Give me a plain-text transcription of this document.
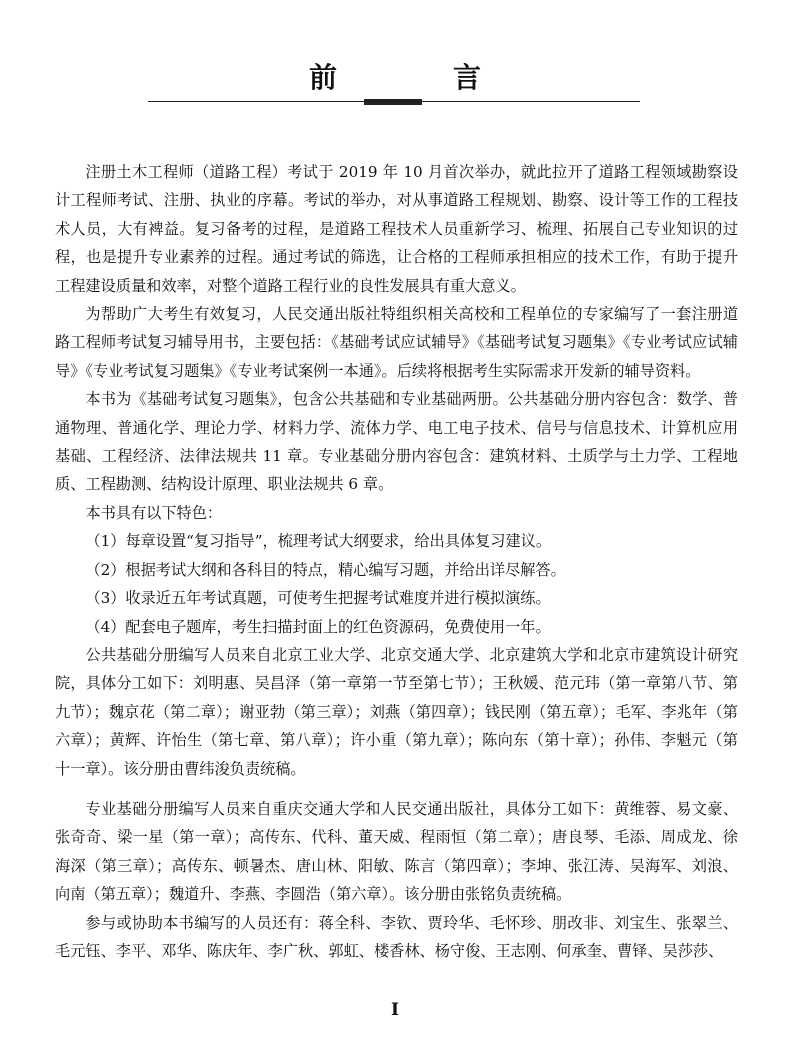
前　言

注册土木工程师（道路工程）考试于 2019 年 10 月首次举办，就此拉开了道路工程领域勘察设计工程师考试、注册、执业的序幕。考试的举办，对从事道路工程规划、勘察、设计等工作的工程技术人员，大有裨益。复习备考的过程，是道路工程技术人员重新学习、梳理、拓展自己专业知识的过程，也是提升专业素养的过程。通过考试的筛选，让合格的工程师承担相应的技术工作，有助于提升工程建设质量和效率，对整个道路工程行业的良性发展具有重大意义。

为帮助广大考生有效复习，人民交通出版社特组织相关高校和工程单位的专家编写了一套注册道路工程师考试复习辅导用书，主要包括：《基础考试应试辅导》《基础考试复习题集》《专业考试应试辅导》《专业考试复习题集》《专业考试案例一本通》。后续将根据考生实际需求开发新的辅导资料。

本书为《基础考试复习题集》，包含公共基础和专业基础两册。公共基础分册内容包含：数学、普通物理、普通化学、理论力学、材料力学、流体力学、电工电子技术、信号与信息技术、计算机应用基础、工程经济、法律法规共 11 章。专业基础分册内容包含：建筑材料、土质学与土力学、工程地质、工程勘测、结构设计原理、职业法规共 6 章。

本书具有以下特色：

（1）每章设置“复习指导”，梳理考试大纲要求，给出具体复习建议。

（2）根据考试大纲和各科目的特点，精心编写习题，并给出详尽解答。

（3）收录近五年考试真题，可使考生把握考试难度并进行模拟演练。

（4）配套电子题库，考生扫描封面上的红色资源码，免费使用一年。

公共基础分册编写人员来自北京工业大学、北京交通大学、北京建筑大学和北京市建筑设计研究院，具体分工如下：刘明惠、吴昌泽（第一章第一节至第七节）；王秋媛、范元玮（第一章第八节、第九节）；魏京花（第二章）；谢亚勃（第三章）；刘燕（第四章）；钱民刚（第五章）；毛军、李兆年（第六章）；黄辉、许怡生（第七章、第八章）；许小重（第九章）；陈向东（第十章）；孙伟、李魁元（第十一章）。该分册由曹纬浚负责统稿。

专业基础分册编写人员来自重庆交通大学和人民交通出版社，具体分工如下：黄维蓉、易文豪、张奇奇、梁一星（第一章）；高传东、代科、董天威、程雨恒（第二章）；唐良琴、毛添、周成龙、徐海深（第三章）；高传东、顿暑杰、唐山林、阳敏、陈言（第四章）；李坤、张江涛、吴海军、刘浪、向南（第五章）；魏道升、李燕、李圆浩（第六章）。该分册由张铭负责统稿。

参与或协助本书编写的人员还有：蒋全科、李钦、贾玲华、毛怀珍、朋改非、刘宝生、张翠兰、毛元钰、李平、邓华、陈庆年、李广秋、郭虹、楼香林、杨守俊、王志刚、何承奎、曹铎、吴莎莎、

I
